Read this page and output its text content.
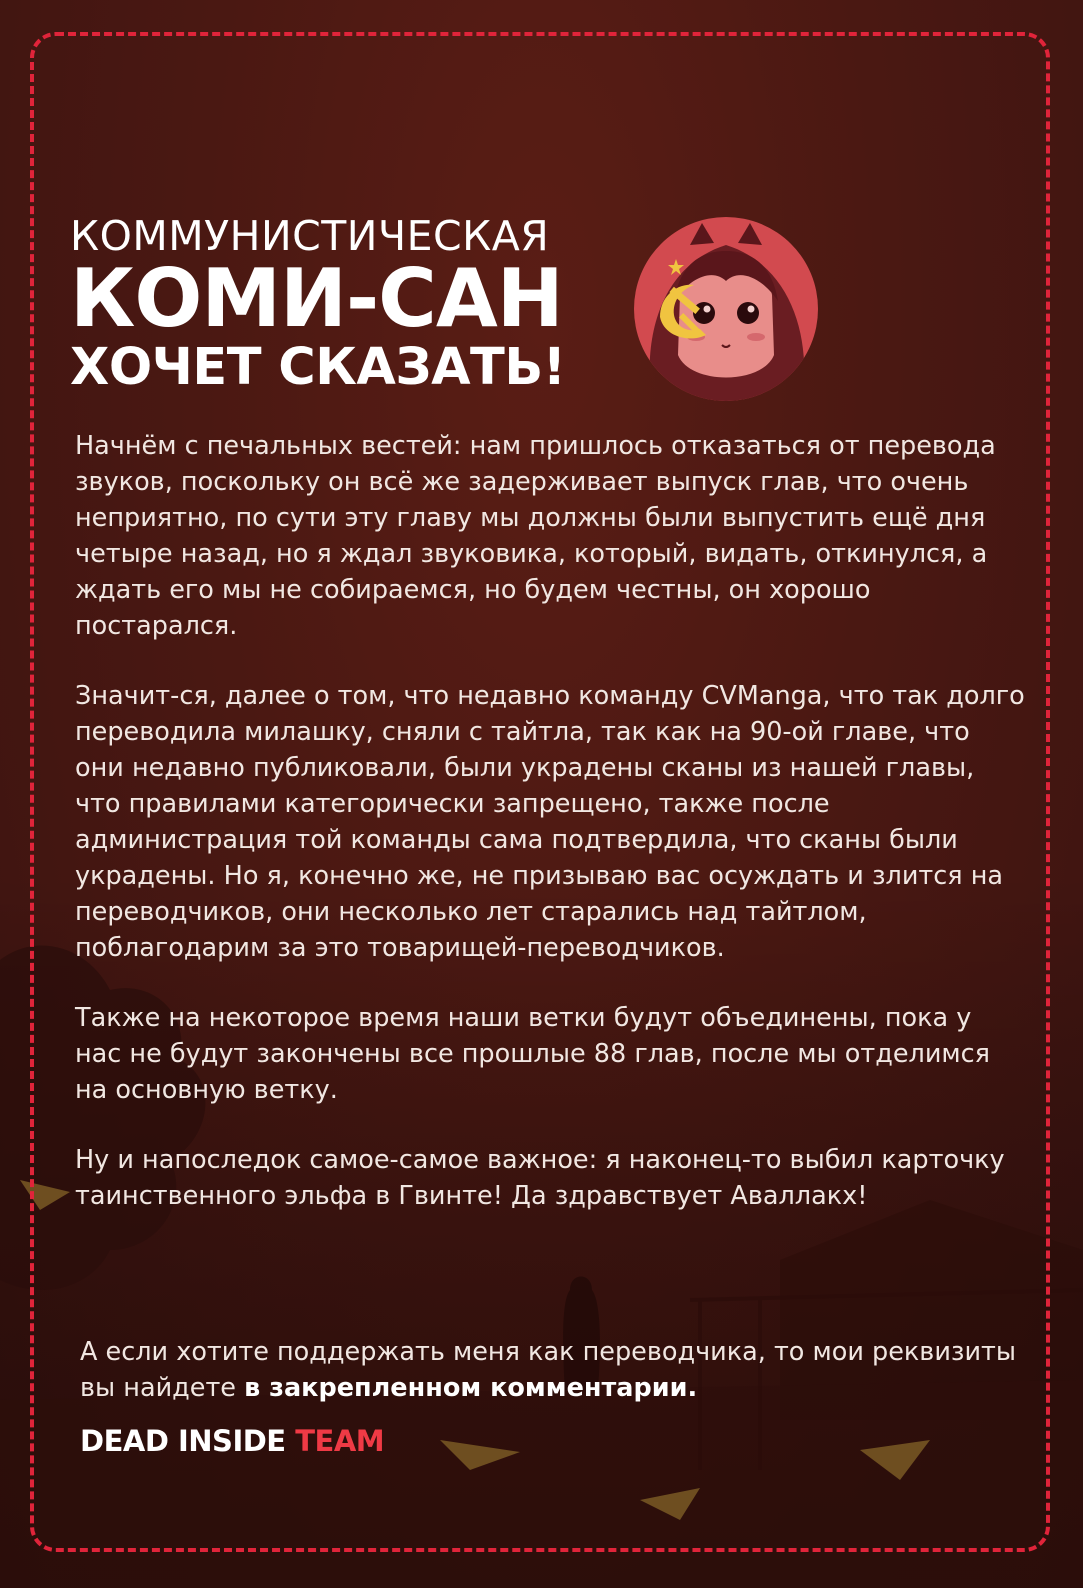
КОММУНИСТИЧЕСКАЯ
КОМИ-САН
ХОЧЕТ СКАЗАТЬ!

Начнём с печальных вестей: нам пришлось отказаться от перевода звуков, поскольку он всё же задерживает выпуск глав, что очень неприятно, по сути эту главу мы должны были выпустить ещё дня четыре назад, но я ждал звуковика, который, видать, откинулся, а ждать его мы не собираемся, но будем честны, он хорошо постарался.

Значит-ся, далее о том, что недавно команду CVManga, что так долго переводила милашку, сняли с тайтла, так как на 90-ой главе, что они недавно публиковали, были украдены сканы из нашей главы, что правилами категорически запрещено, также после администрация той команды сама подтвердила, что сканы были украдены. Но я, конечно же, не призываю вас осуждать и злится на переводчиков, они несколько лет старались над тайтлом, поблагодарим за это товарищей-переводчиков.

Также на некоторое время наши ветки будут объединены, пока у нас не будут закончены все прошлые 88 глав, после мы отделимся на основную ветку.

Ну и напоследок самое-самое важное: я наконец-то выбил карточку таинственного эльфа в Гвинте! Да здравствует Аваллакх!

А если хотите поддержать меня как переводчика, то мои реквизиты вы найдете в закрепленном комментарии.

DEAD INSIDE TEAM
